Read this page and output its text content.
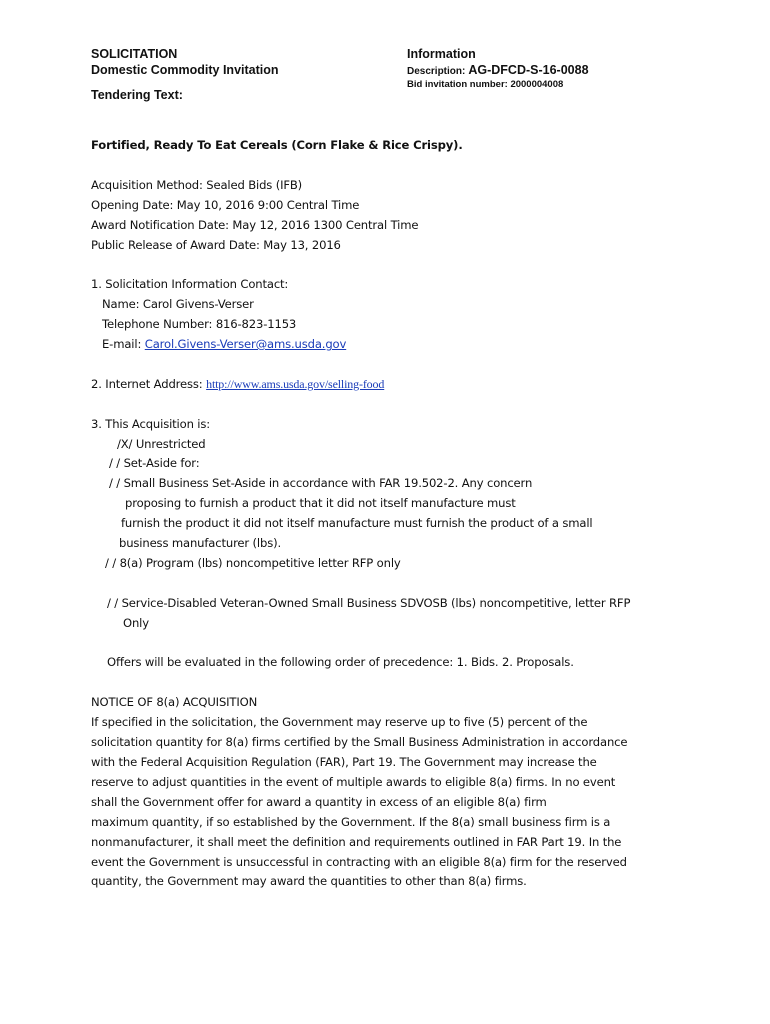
SOLICITATION
Domestic Commodity Invitation
Information
Description: AG-DFCD-S-16-0088
Bid invitation number: 2000004008
Tendering Text:
Fortified, Ready To Eat Cereals (Corn Flake & Rice Crispy).
Acquisition Method: Sealed Bids (IFB)
Opening Date: May 10, 2016 9:00 Central Time
Award Notification Date: May 12, 2016 1300 Central Time
Public Release of Award Date: May 13, 2016
1. Solicitation Information Contact:
Name: Carol Givens-Verser
Telephone Number: 816-823-1153
E-mail: Carol.Givens-Verser@ams.usda.gov
2. Internet Address: http://www.ams.usda.gov/selling-food
3. This Acquisition is:
/X/ Unrestricted
/ / Set-Aside for:
/ / Small Business Set-Aside in accordance with FAR 19.502-2. Any concern
proposing to furnish a product that it did not itself manufacture must
furnish the product it did not itself manufacture must furnish the product of a small
business manufacturer (lbs).
/ / 8(a) Program (lbs) noncompetitive letter RFP only
/ / Service-Disabled Veteran-Owned Small Business SDVOSB (lbs) noncompetitive, letter RFP
Only
Offers will be evaluated in the following order of precedence: 1. Bids. 2. Proposals.
NOTICE OF 8(a) ACQUISITION
If specified in the solicitation, the Government may reserve up to five (5) percent of the
solicitation quantity for 8(a) firms certified by the Small Business Administration in accordance
with the Federal Acquisition Regulation (FAR), Part 19. The Government may increase the
reserve to adjust quantities in the event of multiple awards to eligible 8(a) firms. In no event
shall the Government offer for award a quantity in excess of an eligible 8(a) firm
maximum quantity, if so established by the Government. If the 8(a) small business firm is a
nonmanufacturer, it shall meet the definition and requirements outlined in FAR Part 19. In the
event the Government is unsuccessful in contracting with an eligible 8(a) firm for the reserved
quantity, the Government may award the quantities to other than 8(a) firms.
